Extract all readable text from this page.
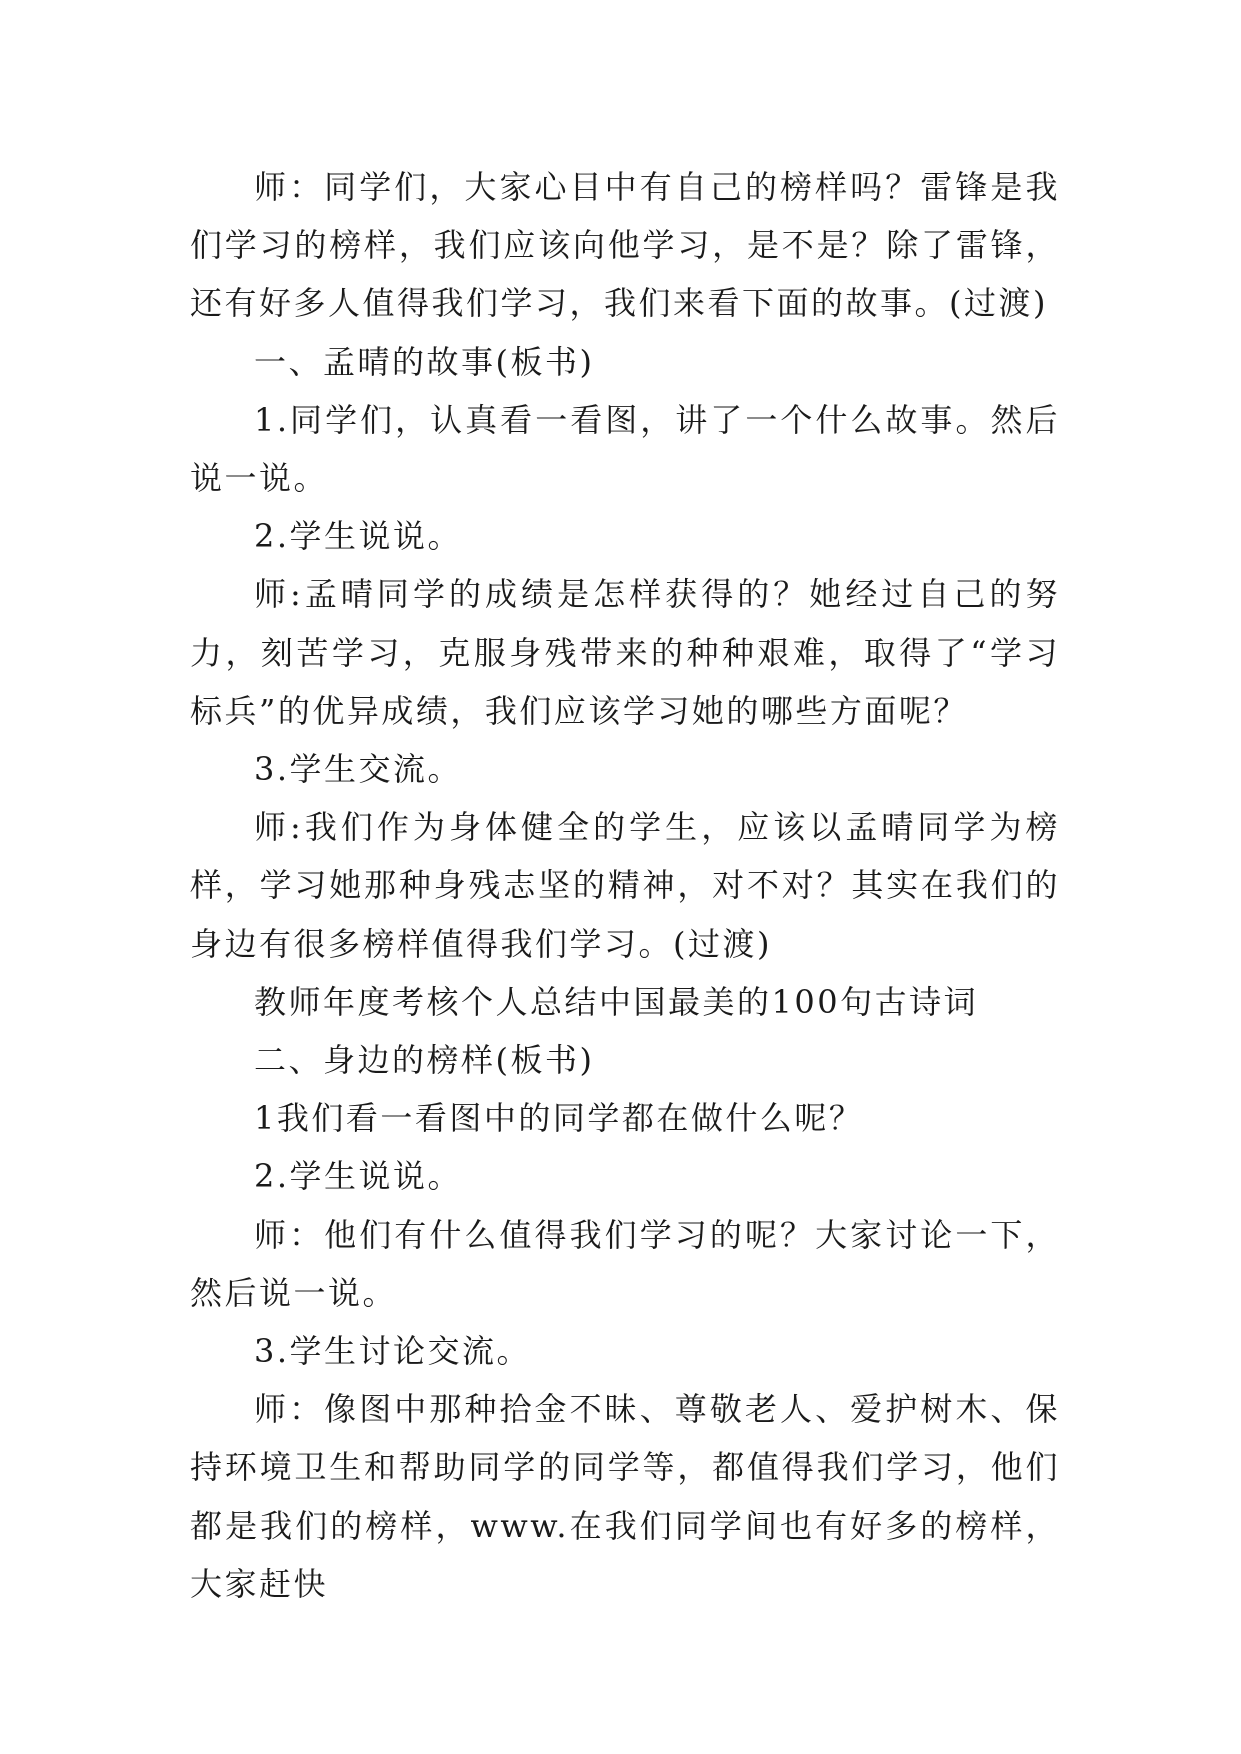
师：同学们，大家心目中有自己的榜样吗？雷锋是我们学习的榜样，我们应该向他学习，是不是？除了雷锋，还有好多人值得我们学习，我们来看下面的故事。(过渡)

一、孟晴的故事(板书)

1.同学们，认真看一看图，讲了一个什么故事。然后说一说。

2.学生说说。

师:孟晴同学的成绩是怎样获得的？她经过自己的努力，刻苦学习，克服身残带来的种种艰难，取得了“学习标兵”的优异成绩，我们应该学习她的哪些方面呢？

3.学生交流。

师:我们作为身体健全的学生，应该以孟晴同学为榜样，学习她那种身残志坚的精神，对不对？其实在我们的身边有很多榜样值得我们学习。(过渡)

教师年度考核个人总结中国最美的100句古诗词

二、身边的榜样(板书)

1我们看一看图中的同学都在做什么呢？

2.学生说说。

师：他们有什么值得我们学习的呢？大家讨论一下，然后说一说。

3.学生讨论交流。

师：像图中那种拾金不昧、尊敬老人、爱护树木、保持环境卫生和帮助同学的同学等，都值得我们学习，他们都是我们的榜样，www.在我们同学间也有好多的榜样，大家赶快
